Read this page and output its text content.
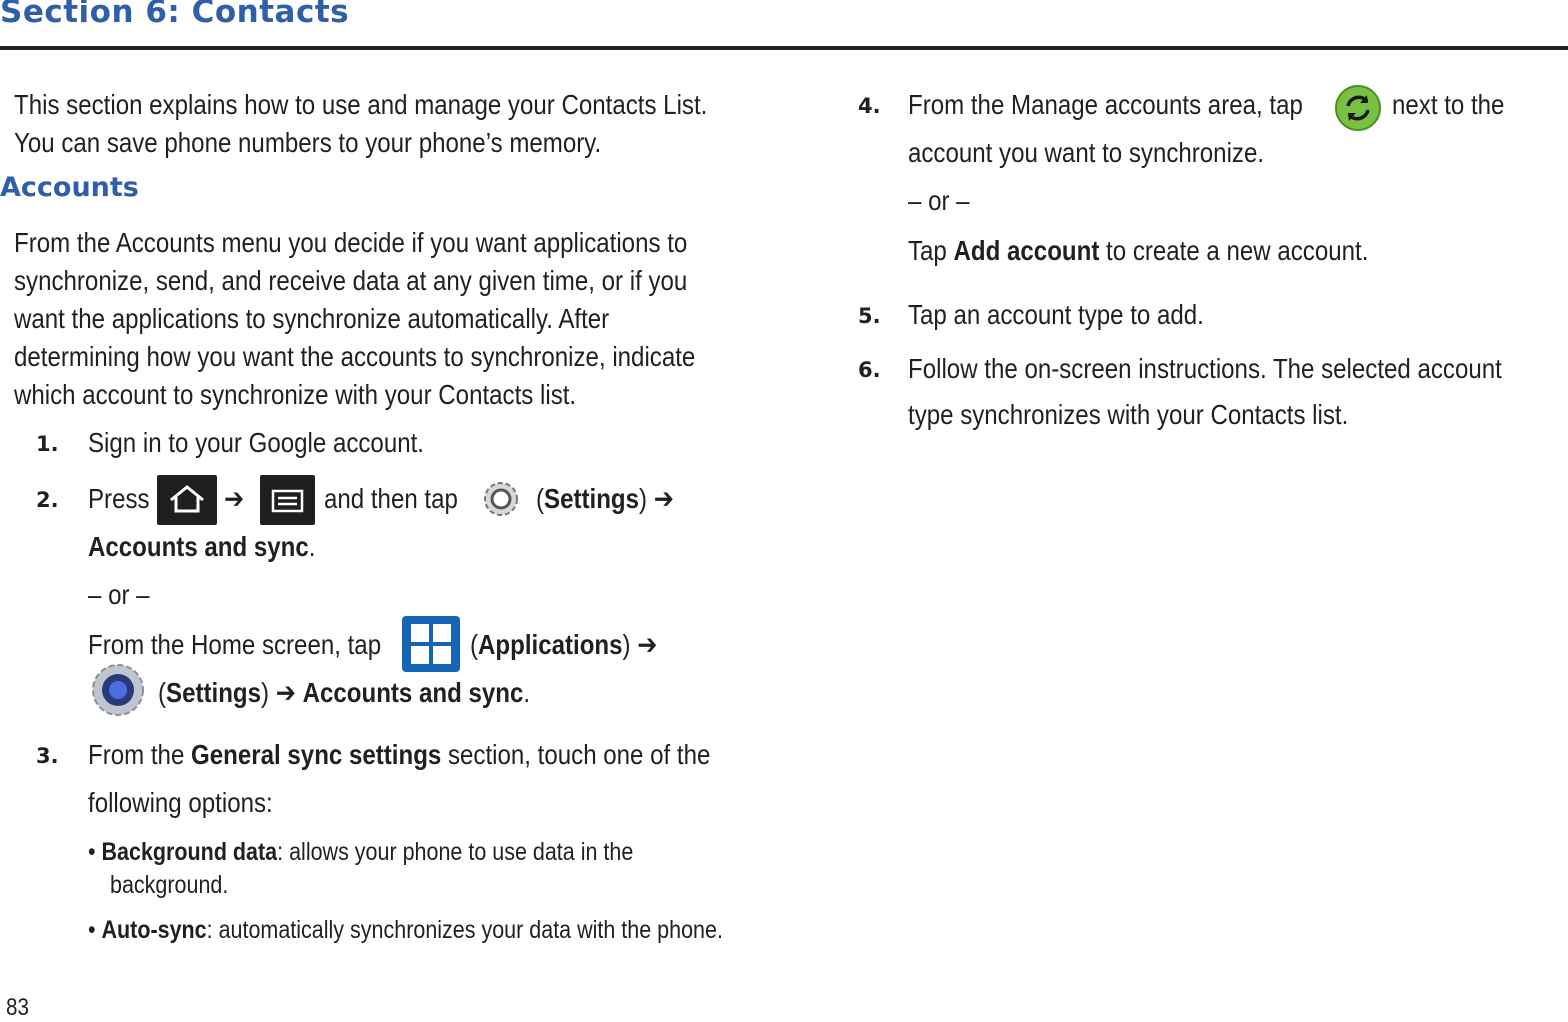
Section 6: Contacts
This section explains how to use and manage your Contacts List.
You can save phone numbers to your phone’s memory.
Accounts
From the Accounts menu you decide if you want applications to
synchronize, send, and receive data at any given time, or if you
want the applications to synchronize automatically. After
determining how you want the accounts to synchronize, indicate
which account to synchronize with your Contacts list.
1. Sign in to your Google account.
2. Press	➔	and then tap	(Settings) ➔
Accounts and sync.
– or –
From the Home screen, tap	(Applications) ➔
(Settings) ➔ Accounts and sync.
3. From the General sync settings section, touch one of the
following options:
• Background data: allows your phone to use data in the
background.
• Auto-sync: automatically synchronizes your data with the phone.
4. From the Manage accounts area, tap	next to the
account you want to synchronize.
– or –
Tap Add account to create a new account.
5. Tap an account type to add.
6. Follow the on-screen instructions. The selected account
type synchronizes with your Contacts list.
83
